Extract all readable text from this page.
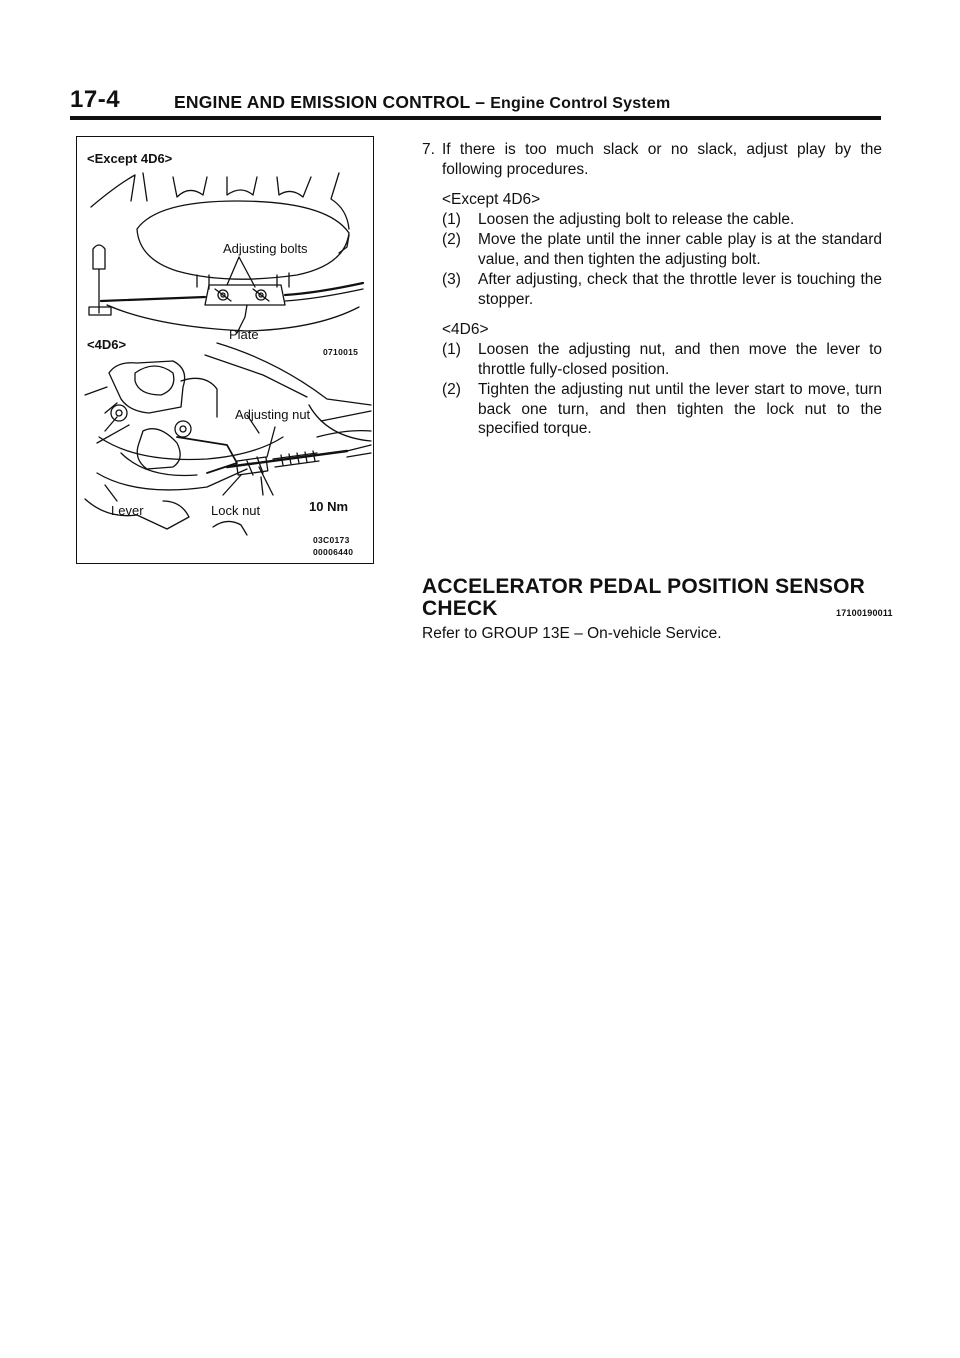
17-4	ENGINE AND EMISSION CONTROL – Engine Control System
<Except 4D6>
Adjusting bolts
Plate
<4D6>	0710015
Adjusting nut
Lever	Lock nut	10 Nm
03C0173
00006440
7. If there is too much slack or no slack, adjust play by the following procedures.
<Except 4D6>
(1) Loosen the adjusting bolt to release the cable.
(2) Move the plate until the inner cable play is at the standard value, and then tighten the adjusting bolt.
(3) After adjusting, check that the throttle lever is touching the stopper.
<4D6>
(1) Loosen the adjusting nut, and then move the lever to throttle fully-closed position.
(2) Tighten the adjusting nut until the lever start to move, turn back one turn, and then tighten the lock nut to the specified torque.
ACCELERATOR PEDAL POSITION SENSOR
CHECK	17100190011
Refer to GROUP 13E – On-vehicle Service.
